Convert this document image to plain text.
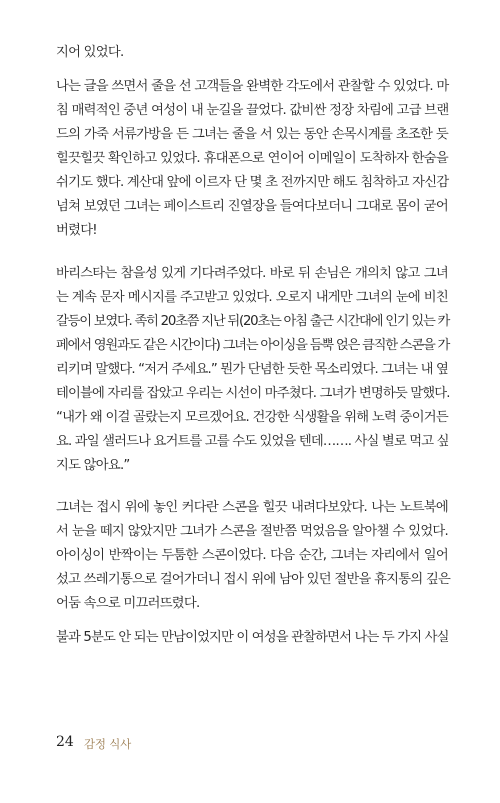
지어 있었다.
나는 글을 쓰면서 줄을 선 고객들을 완벽한 각도에서 관찰할 수 있었다. 마
침 매력적인 중년 여성이 내 눈길을 끌었다. 값비싼 정장 차림에 고급 브랜
드의 가죽 서류가방을 든 그녀는 줄을 서 있는 동안 손목시계를 초조한 듯
힐끗힐끗 확인하고 있었다. 휴대폰으로 연이어 이메일이 도착하자 한숨을
쉬기도 했다. 계산대 앞에 이르자 단 몇 초 전까지만 해도 침착하고 자신감
넘쳐 보였던 그녀는 페이스트리 진열장을 들여다보더니 그대로 몸이 굳어
버렸다!
바리스타는 참을성 있게 기다려주었다. 바로 뒤 손님은 개의치 않고 그녀
는 계속 문자 메시지를 주고받고 있었다. 오로지 내게만 그녀의 눈에 비친
갈등이 보였다. 족히 20초쯤 지난 뒤(20초는 아침 출근 시간대에 인기 있는 카
페에서 영원과도 같은 시간이다) 그녀는 아이싱을 듬뿍 얹은 큼직한 스콘을 가
리키며 말했다. “저거 주세요.” 뭔가 단념한 듯한 목소리였다. 그녀는 내 옆
테이블에 자리를 잡았고 우리는 시선이 마주쳤다. 그녀가 변명하듯 말했다.
“내가 왜 이걸 골랐는지 모르겠어요. 건강한 식생활을 위해 노력 중이거든
요. 과일 샐러드나 요거트를 고를 수도 있었을 텐데……. 사실 별로 먹고 싶
지도 않아요.”
그녀는 접시 위에 놓인 커다란 스콘을 힐끗 내려다보았다. 나는 노트북에
서 눈을 떼지 않았지만 그녀가 스콘을 절반쯤 먹었음을 알아챌 수 있었다.
아이싱이 반짝이는 두툼한 스콘이었다. 다음 순간, 그녀는 자리에서 일어
섰고 쓰레기통으로 걸어가더니 접시 위에 남아 있던 절반을 휴지통의 깊은
어둠 속으로 미끄러뜨렸다.
불과 5분도 안 되는 만남이었지만 이 여성을 관찰하면서 나는 두 가지 사실
24 감정 식사
